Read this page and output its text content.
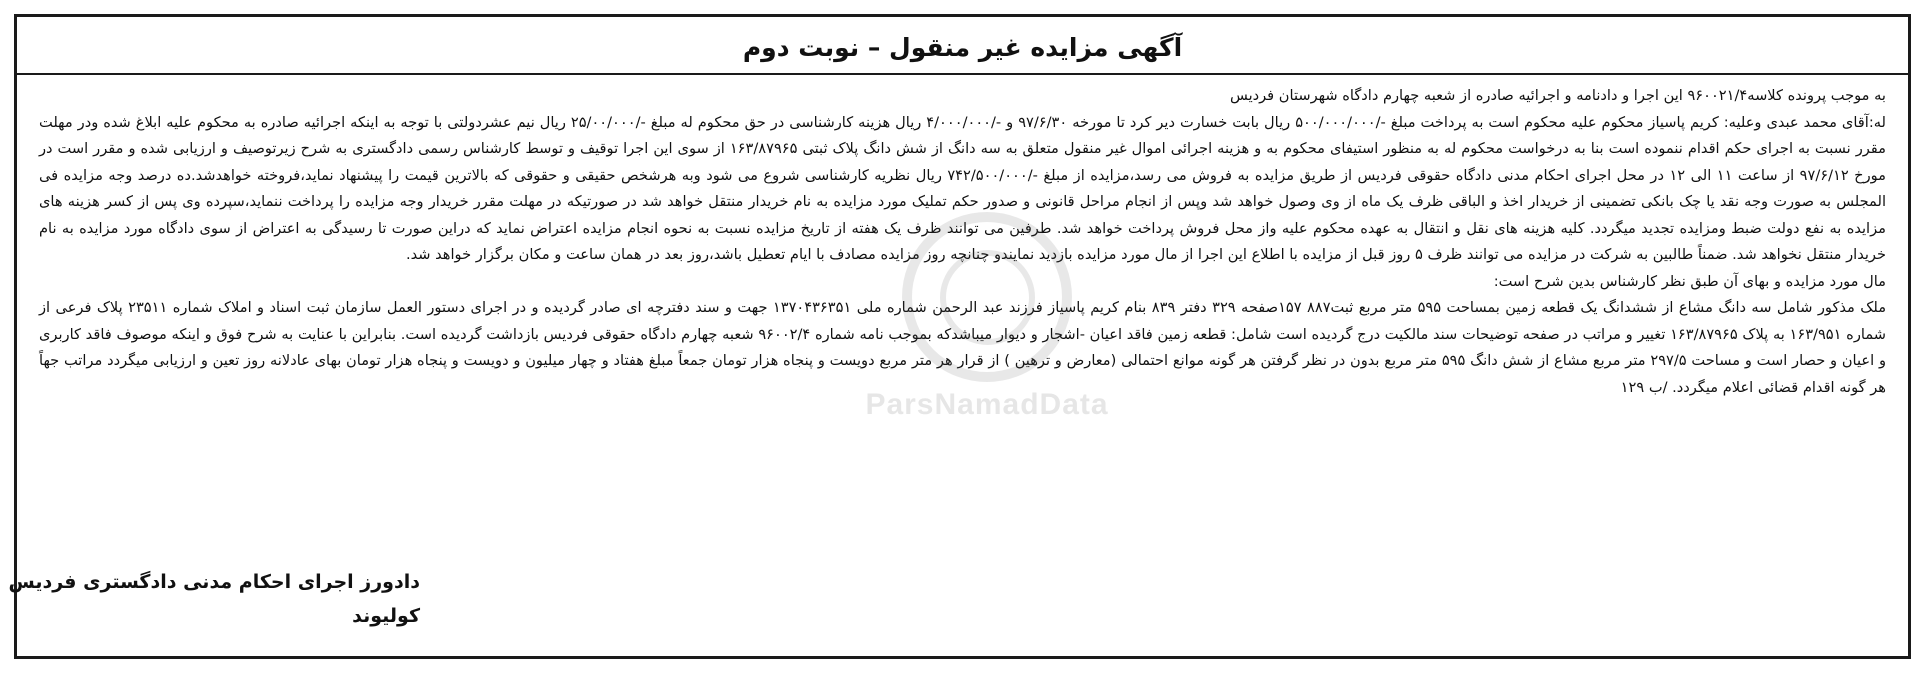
ParsNamadData
آگهی مزایده غیر منقول – نوبت دوم

به موجب پرونده کلاسه۹۶۰۰۲۱/۴ این اجرا و دادنامه و اجرائیه صادره از شعبه چهارم دادگاه شهرستان فردیس

له:آقای محمد عبدی وعلیه: کریم پاسیاز محکوم علیه محکوم است به پرداخت مبلغ -/۵۰۰/۰۰۰/۰۰۰ ریال بابت خسارت دیر کرد تا مورخه ۹۷/۶/۳۰ و -/۴/۰۰۰/۰۰۰ ریال هزینه کارشناسی در حق محکوم له مبلغ -/۲۵/۰۰/۰۰۰ ریال نیم عشردولتی با توجه به اینکه اجرائیه صادره به محکوم علیه ابلاغ شده ودر مهلت مقرر نسبت به اجرای حکم اقدام ننموده است بنا به درخواست محکوم له به منظور استیفای محکوم به و هزینه اجرائی اموال غیر منقول متعلق به سه دانگ از شش دانگ پلاک ثبتی ۱۶۳/۸۷۹۶۵ از سوی این اجرا توقیف و توسط کارشناس رسمی دادگستری به شرح زیرتوصیف و ارزیابی شده و مقرر است در مورخ ۹۷/۶/۱۲ از ساعت ۱۱ الی ۱۲ در محل اجرای احکام مدنی دادگاه حقوقی فردیس از طریق مزایده به فروش می رسد،مزایده از مبلغ -/۷۴۲/۵۰۰/۰۰۰ ریال نظریه کارشناسی شروع می شود وبه هرشخص حقیقی و حقوقی که بالاترین قیمت را پیشنهاد نماید،فروخته خواهدشد.ده درصد وجه مزایده فی المجلس به صورت وجه نقد یا چک بانکی تضمینی از خریدار اخذ و الباقی ظرف یک ماه از وی وصول خواهد شد وپس از انجام مراحل قانونی و صدور حکم تملیک مورد مزایده به نام خریدار منتقل خواهد شد در صورتیکه در مهلت مقرر خریدار وجه مزایده را پرداخت ننماید،سپرده وی پس از کسر هزینه های مزایده به نفع دولت ضبط ومزایده تجدید میگردد. کلیه هزینه های نقل و انتقال به عهده محکوم علیه واز محل فروش پرداخت خواهد شد. طرفین می توانند ظرف یک هفته از تاریخ مزایده نسبت به نحوه انجام مزایده اعتراض نماید که دراین صورت تا رسیدگی به اعتراض از سوی دادگاه مورد مزایده به نام خریدار منتقل نخواهد شد. ضمناً طالبین به شرکت در مزایده می توانند ظرف ۵ روز قبل از مزایده با اطلاع این اجرا از مال مورد مزایده بازدید نمایندو چنانچه روز مزایده مصادف با ایام تعطیل باشد،روز بعد در همان ساعت و مکان برگزار خواهد شد.

مال مورد مزایده و بهای آن طبق نظر کارشناس بدین شرح است:

ملک مذکور شامل سه دانگ مشاع از ششدانگ یک قطعه زمین بمساحت ۵۹۵ متر مربع ثبت۸۸۷ ۱۵۷صفحه ۳۲۹ دفتر ۸۳۹ بنام کریم پاسیاز فرزند عبد الرحمن شماره ملی ۱۳۷۰۴۳۶۳۵۱ جهت و سند دفترچه ای صادر گردیده و در اجرای دستور العمل سازمان ثبت اسناد و املاک شماره ۲۳۵۱۱ پلاک فرعی از شماره ۱۶۳/۹۵۱ به پلاک ۱۶۳/۸۷۹۶۵ تغییر و مراتب در صفحه توضیحات سند مالکیت درج گردیده است شامل: قطعه زمین فاقد اعیان -اشجار و دیوار میباشدکه بموجب نامه شماره ۹۶۰۰۲/۴ شعبه چهارم دادگاه حقوقی فردیس بازداشت گردیده است. بنابراین با عنایت به شرح فوق و اینکه موصوف فاقد کاربری و اعیان و حصار است و مساحت ۲۹۷/۵ متر مربع مشاع از شش دانگ ۵۹۵ متر مربع بدون در نظر گرفتن هر گونه موانع احتمالی (معارض و ترهین ) از قرار هر متر مربع دویست و پنجاه هزار تومان جمعاً مبلغ هفتاد و چهار میلیون و دویست و پنجاه هزار تومان بهای عادلانه روز تعین و ارزیابی میگردد مراتب جهاً هر گونه اقدام قضائی اعلام میگردد. /ب ۱۲۹

دادورز اجرای احکام مدنی دادگستری فردیس
کولیوند
